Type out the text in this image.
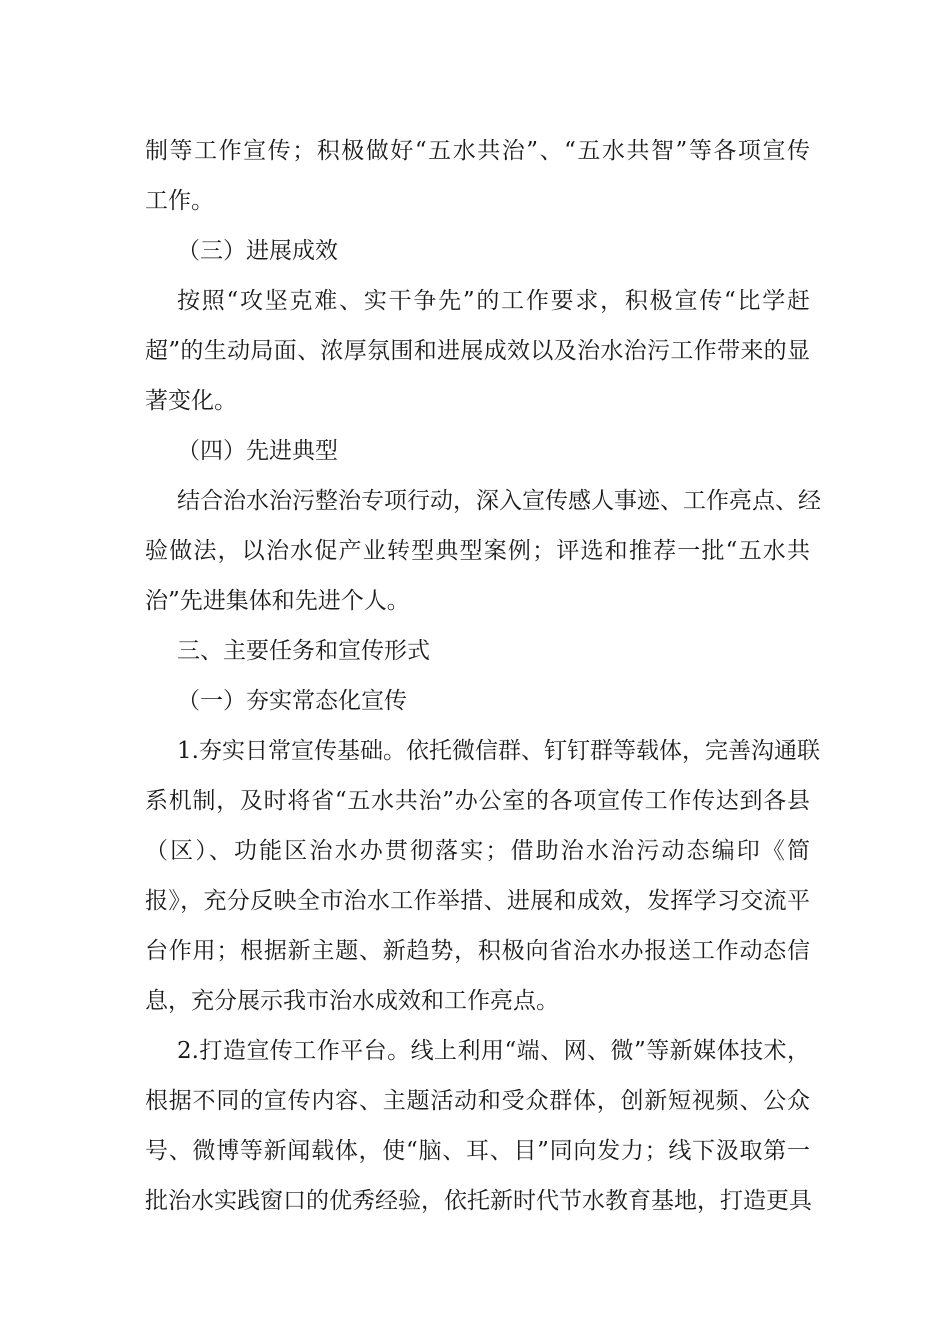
制等工作宣传；积极做好“五水共治”、“五水共智”等各项宣传
工作。
（三）进展成效
按照“攻坚克难、实干争先”的工作要求，积极宣传“比学赶
超”的生动局面、浓厚氛围和进展成效以及治水治污工作带来的显
著变化。
（四）先进典型
结合治水治污整治专项行动，深入宣传感人事迹、工作亮点、经
验做法，以治水促产业转型典型案例；评选和推荐一批“五水共
治”先进集体和先进个人。
三、主要任务和宣传形式
（一）夯实常态化宣传
1.夯实日常宣传基础。依托微信群、钉钉群等载体，完善沟通联
系机制，及时将省“五水共治”办公室的各项宣传工作传达到各县
（区）、功能区治水办贯彻落实；借助治水治污动态编印《简
报》，充分反映全市治水工作举措、进展和成效，发挥学习交流平
台作用；根据新主题、新趋势，积极向省治水办报送工作动态信
息，充分展示我市治水成效和工作亮点。
2.打造宣传工作平台。线上利用“端、网、微”等新媒体技术，
根据不同的宣传内容、主题活动和受众群体，创新短视频、公众
号、微博等新闻载体，使“脑、耳、目”同向发力；线下汲取第一
批治水实践窗口的优秀经验，依托新时代节水教育基地，打造更具
